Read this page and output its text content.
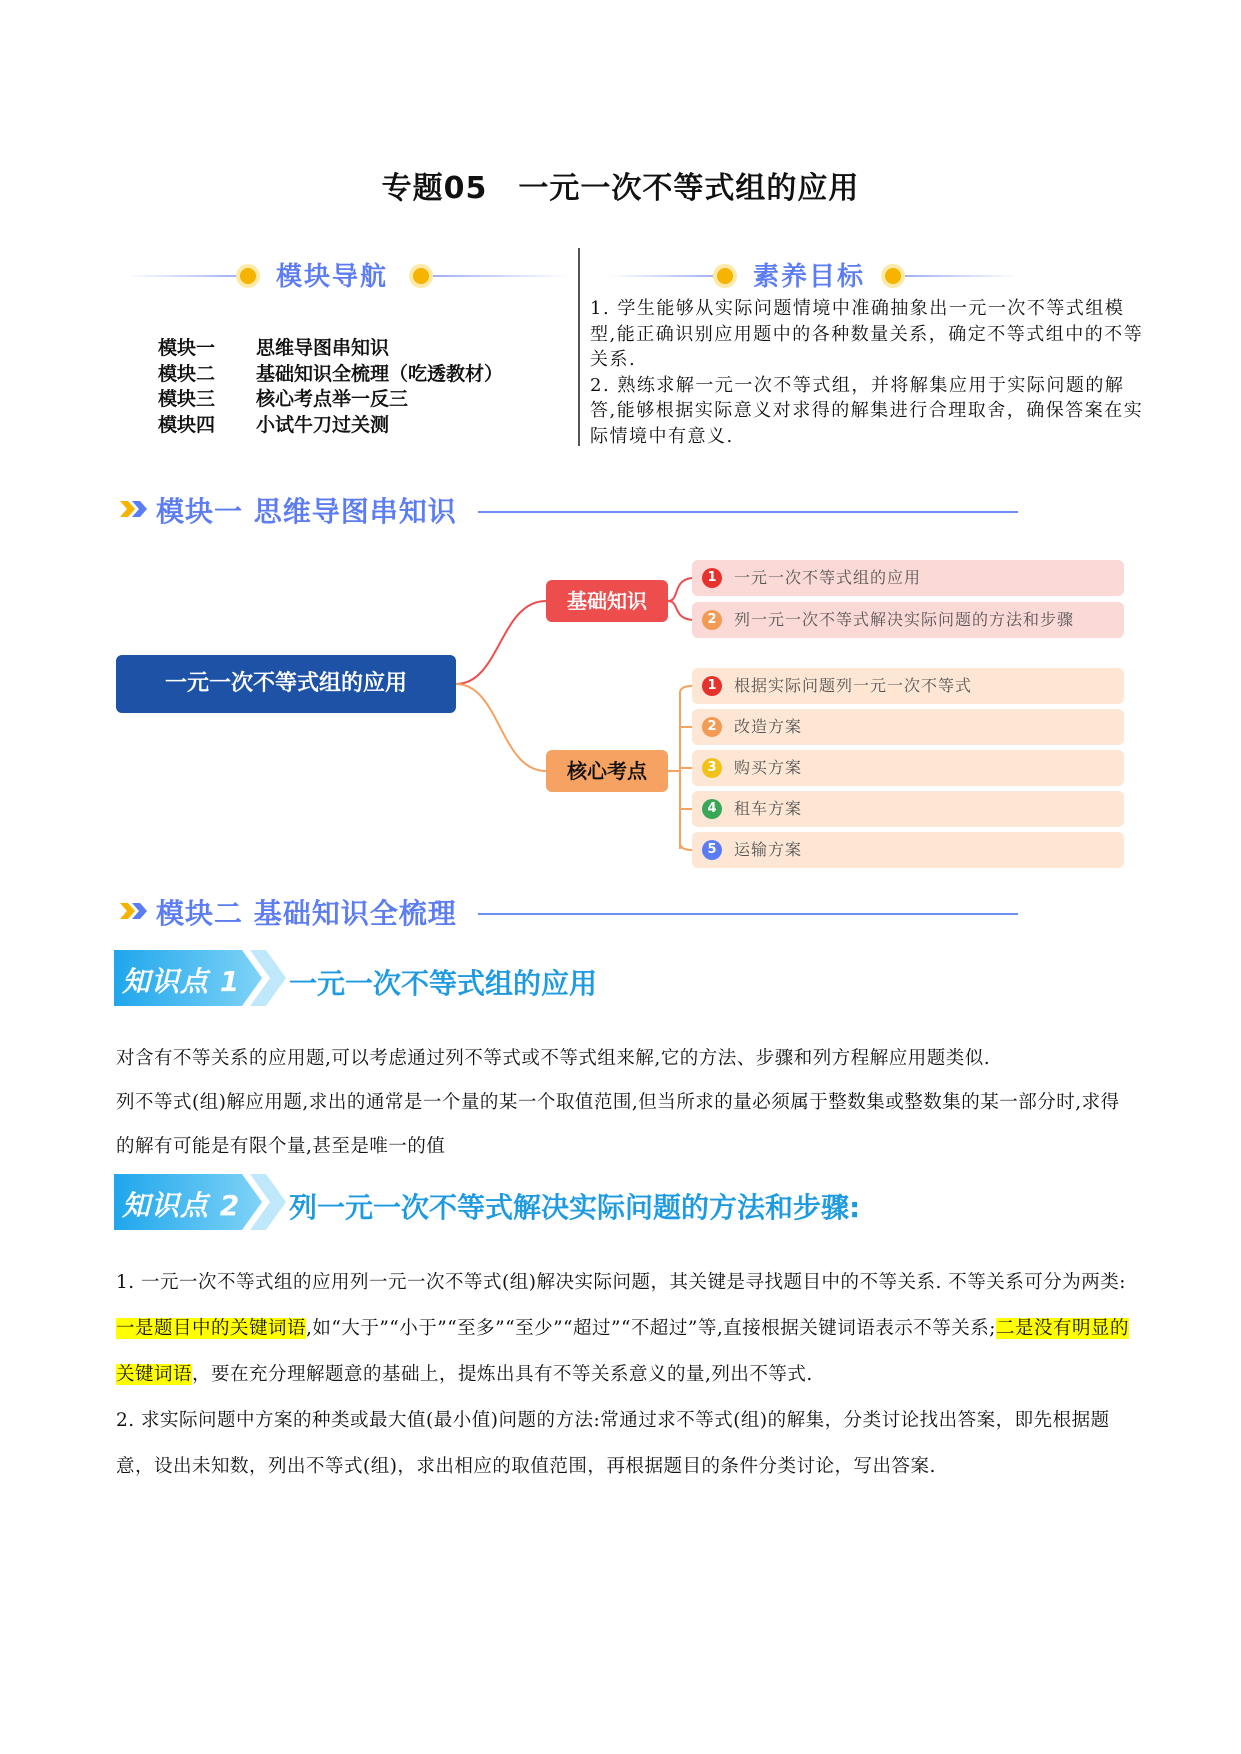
专题05　一元一次不等式组的应用
模块导航	素养目标
模块一	思维导图串知识
模块二	基础知识全梳理（吃透教材）
模块三	核心考点举一反三
模块四	小试牛刀过关测

1. 学生能够从实际问题情境中准确抽象出一元一次不等式组模型,能正确识别应用题中的各种数量关系，确定不等式组中的不等关系.

2. 熟练求解一元一次不等式组，并将解集应用于实际问题的解答,能够根据实际意义对求得的解集进行合理取舍，确保答案在实际情境中有意义.

模块一 思维导图串知识
一元一次不等式组的应用
基础知识
核心考点
1	一元一次不等式组的应用
2	列一元一次不等式解决实际问题的方法和步骤
1	根据实际问题列一元一次不等式
2	改造方案
3	购买方案
4	租车方案
5	运输方案
模块二 基础知识全梳理
知识点 1 一元一次不等式组的应用

对含有不等关系的应用题,可以考虑通过列不等式或不等式组来解,它的方法、步骤和列方程解应用题类似.

列不等式(组)解应用题,求出的通常是一个量的某一个取值范围,但当所求的量必须属于整数集或整数集的某一部分时,求得的解有可能是有限个量,甚至是唯一的值

知识点 2 列一元一次不等式解决实际问题的方法和步骤:

1. 一元一次不等式组的应用列一元一次不等式(组)解决实际问题，其关键是寻找题目中的不等关系. 不等关系可分为两类:一是题目中的关键词语,如“大于”“小于”“至多”“至少”“超过”“不超过”等,直接根据关键词语表示不等关系;二是没有明显的关键词语，要在充分理解题意的基础上，提炼出具有不等关系意义的量,列出不等式.

2. 求实际问题中方案的种类或最大值(最小值)问题的方法:常通过求不等式(组)的解集，分类讨论找出答案，即先根据题意，设出未知数，列出不等式(组)，求出相应的取值范围，再根据题目的条件分类讨论，写出答案.
